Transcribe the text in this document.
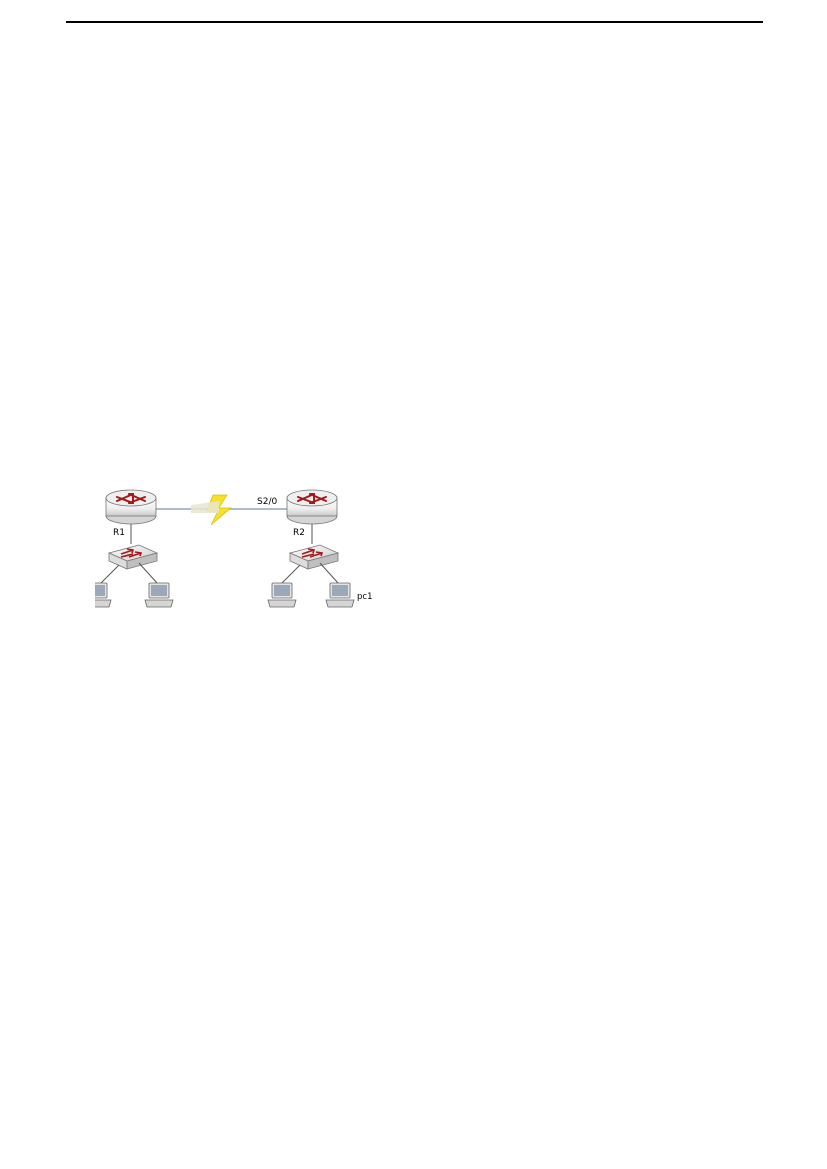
R1	R2
S2/0
pc1
